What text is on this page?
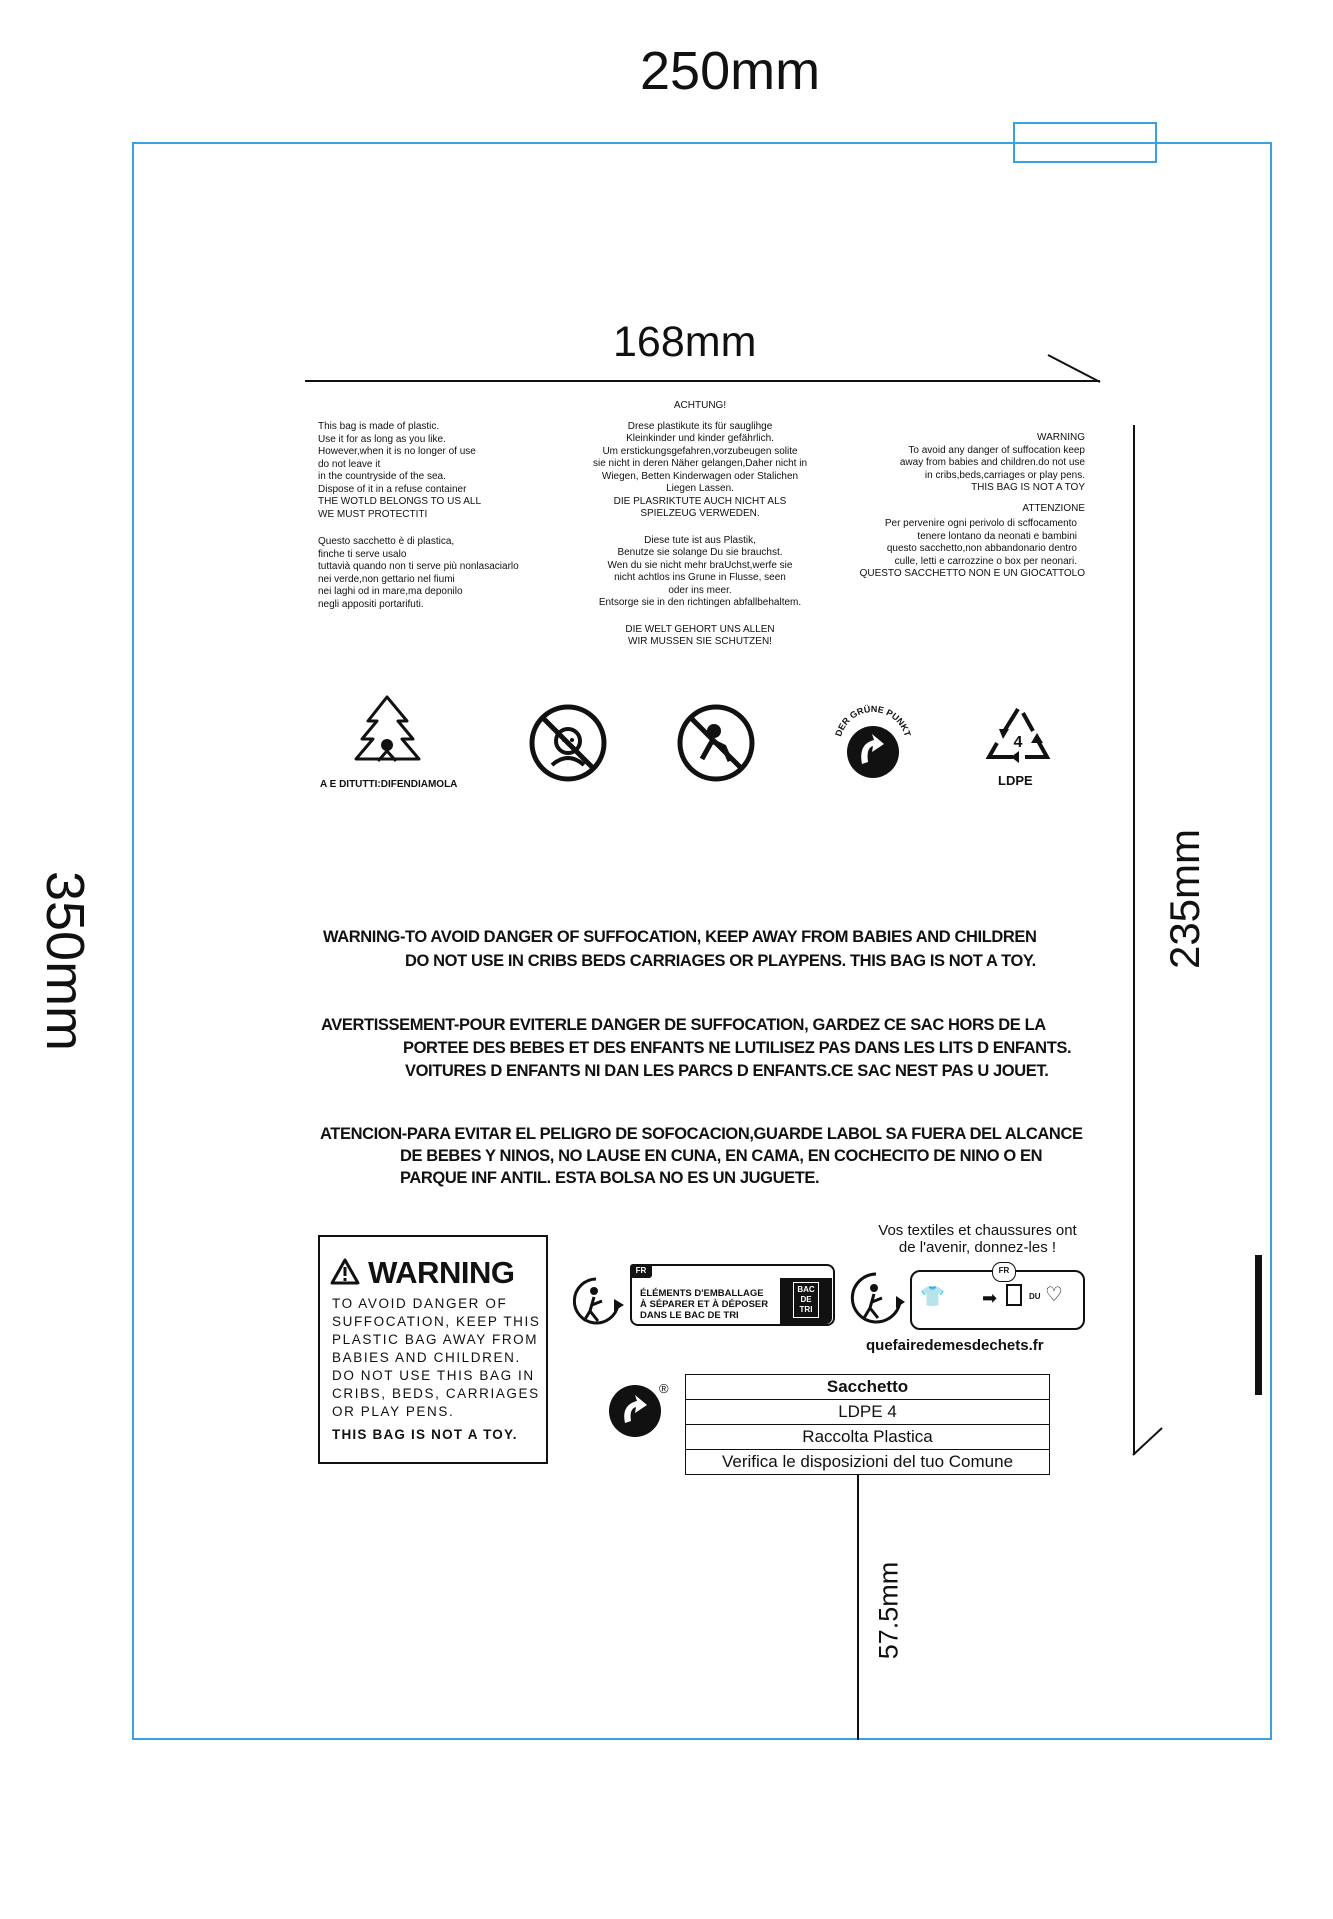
250mm
350mm
168mm
235mm
57.5mm
This bag is made of plastic.
Use it for as long as you like.
However,when it is no longer of use
do not leave it
in the countryside of the sea.
Dispose of it in a refuse container
THE WOTLD BELONGS TO US ALL
WE MUST PROTECTITI
Questo sacchetto è di plastica,
finche ti serve usalo
tuttavià quando non ti serve più nonlasaciarlo
nei verde,non gettario nel fiumi
nei laghi od in mare,ma deponilo
negli appositi portarifuti.
ACHTUNG!
Drese plastikute its für sauglihge
Kleinkinder und kinder gefährlich.
Um erstickungsgefahren,vorzubeugen solite
sie nicht in deren Näher gelangen,Daher nicht in
Wiegen, Betten Kinderwagen oder Stalichen
Liegen Lassen.
DIE PLASRIKTUTE AUCH NICHT ALS
SPIELZEUG VERWEDEN.
Diese tute ist aus Plastik,
Benutze sie solange Du sie brauchst.
Wen du sie nicht mehr braUchst,werfe sie
nicht achtlos ins Grune in Flusse, seen
oder ins meer.
Entsorge sie in den richtingen abfallbehaltem.
DIE WELT GEHORT UNS ALLEN
WIR MUSSEN SIE SCHUTZEN!
WARNING
To avoid any danger of suffocation keep
away from babies and children.do not use
in cribs,beds,carriages or play pens.
THIS BAG IS NOT A TOY
ATTENZIONE
Per pervenire ogni perivolo di scffocamento
tenere lontano da neonati e bambini
questo sacchetto,non abbandonario dentro
culle, letti e carrozzine o box per neonari.
QUESTO SACCHETTO NON E UN GIOCATTOLO
A E DITUTTI:DIFENDIAMOLA
DER GRÜNE PUNKT
4
LDPE
WARNING-TO AVOID DANGER OF SUFFOCATION, KEEP AWAY FROM BABIES AND CHILDREN
DO NOT USE IN CRIBS BEDS CARRIAGES OR PLAYPENS. THIS BAG IS NOT A TOY.
AVERTISSEMENT-POUR EVITERLE DANGER DE SUFFOCATION, GARDEZ CE SAC HORS DE LA
PORTEE DES BEBES ET DES ENFANTS NE LUTILISEZ PAS DANS LES LITS D ENFANTS.
VOITURES D ENFANTS NI DAN LES PARCS D ENFANTS.CE SAC NEST PAS U JOUET.
ATENCION-PARA EVITAR EL PELIGRO DE SOFOCACION,GUARDE LABOL SA FUERA DEL ALCANCE
DE BEBES Y NINOS, NO LAUSE EN CUNA, EN CAMA, EN COCHECITO DE NINO O EN
PARQUE INF ANTIL. ESTA BOLSA NO ES UN JUGUETE.
WARNING
TO AVOID DANGER OF
SUFFOCATION, KEEP THIS
PLASTIC BAG AWAY FROM
BABIES AND CHILDREN.
DO NOT USE THIS BAG IN
CRIBS, BEDS, CARRIAGES
OR PLAY PENS.
THIS BAG IS NOT A TOY.
FR
ÉLÉMENTS D'EMBALLAGE
À SÉPARER ET À DÉPOSER
DANS LE BAC DE TRI
BAC
DE
TRI
Vos textiles et chaussures ont
de l'avenir, donnez-les !
FR
👕 ➡	DU ♡
quefairedemesdechets.fr
®	Sacchetto
LDPE 4
Raccolta Plastica
Verifica le disposizioni del tuo Comune
